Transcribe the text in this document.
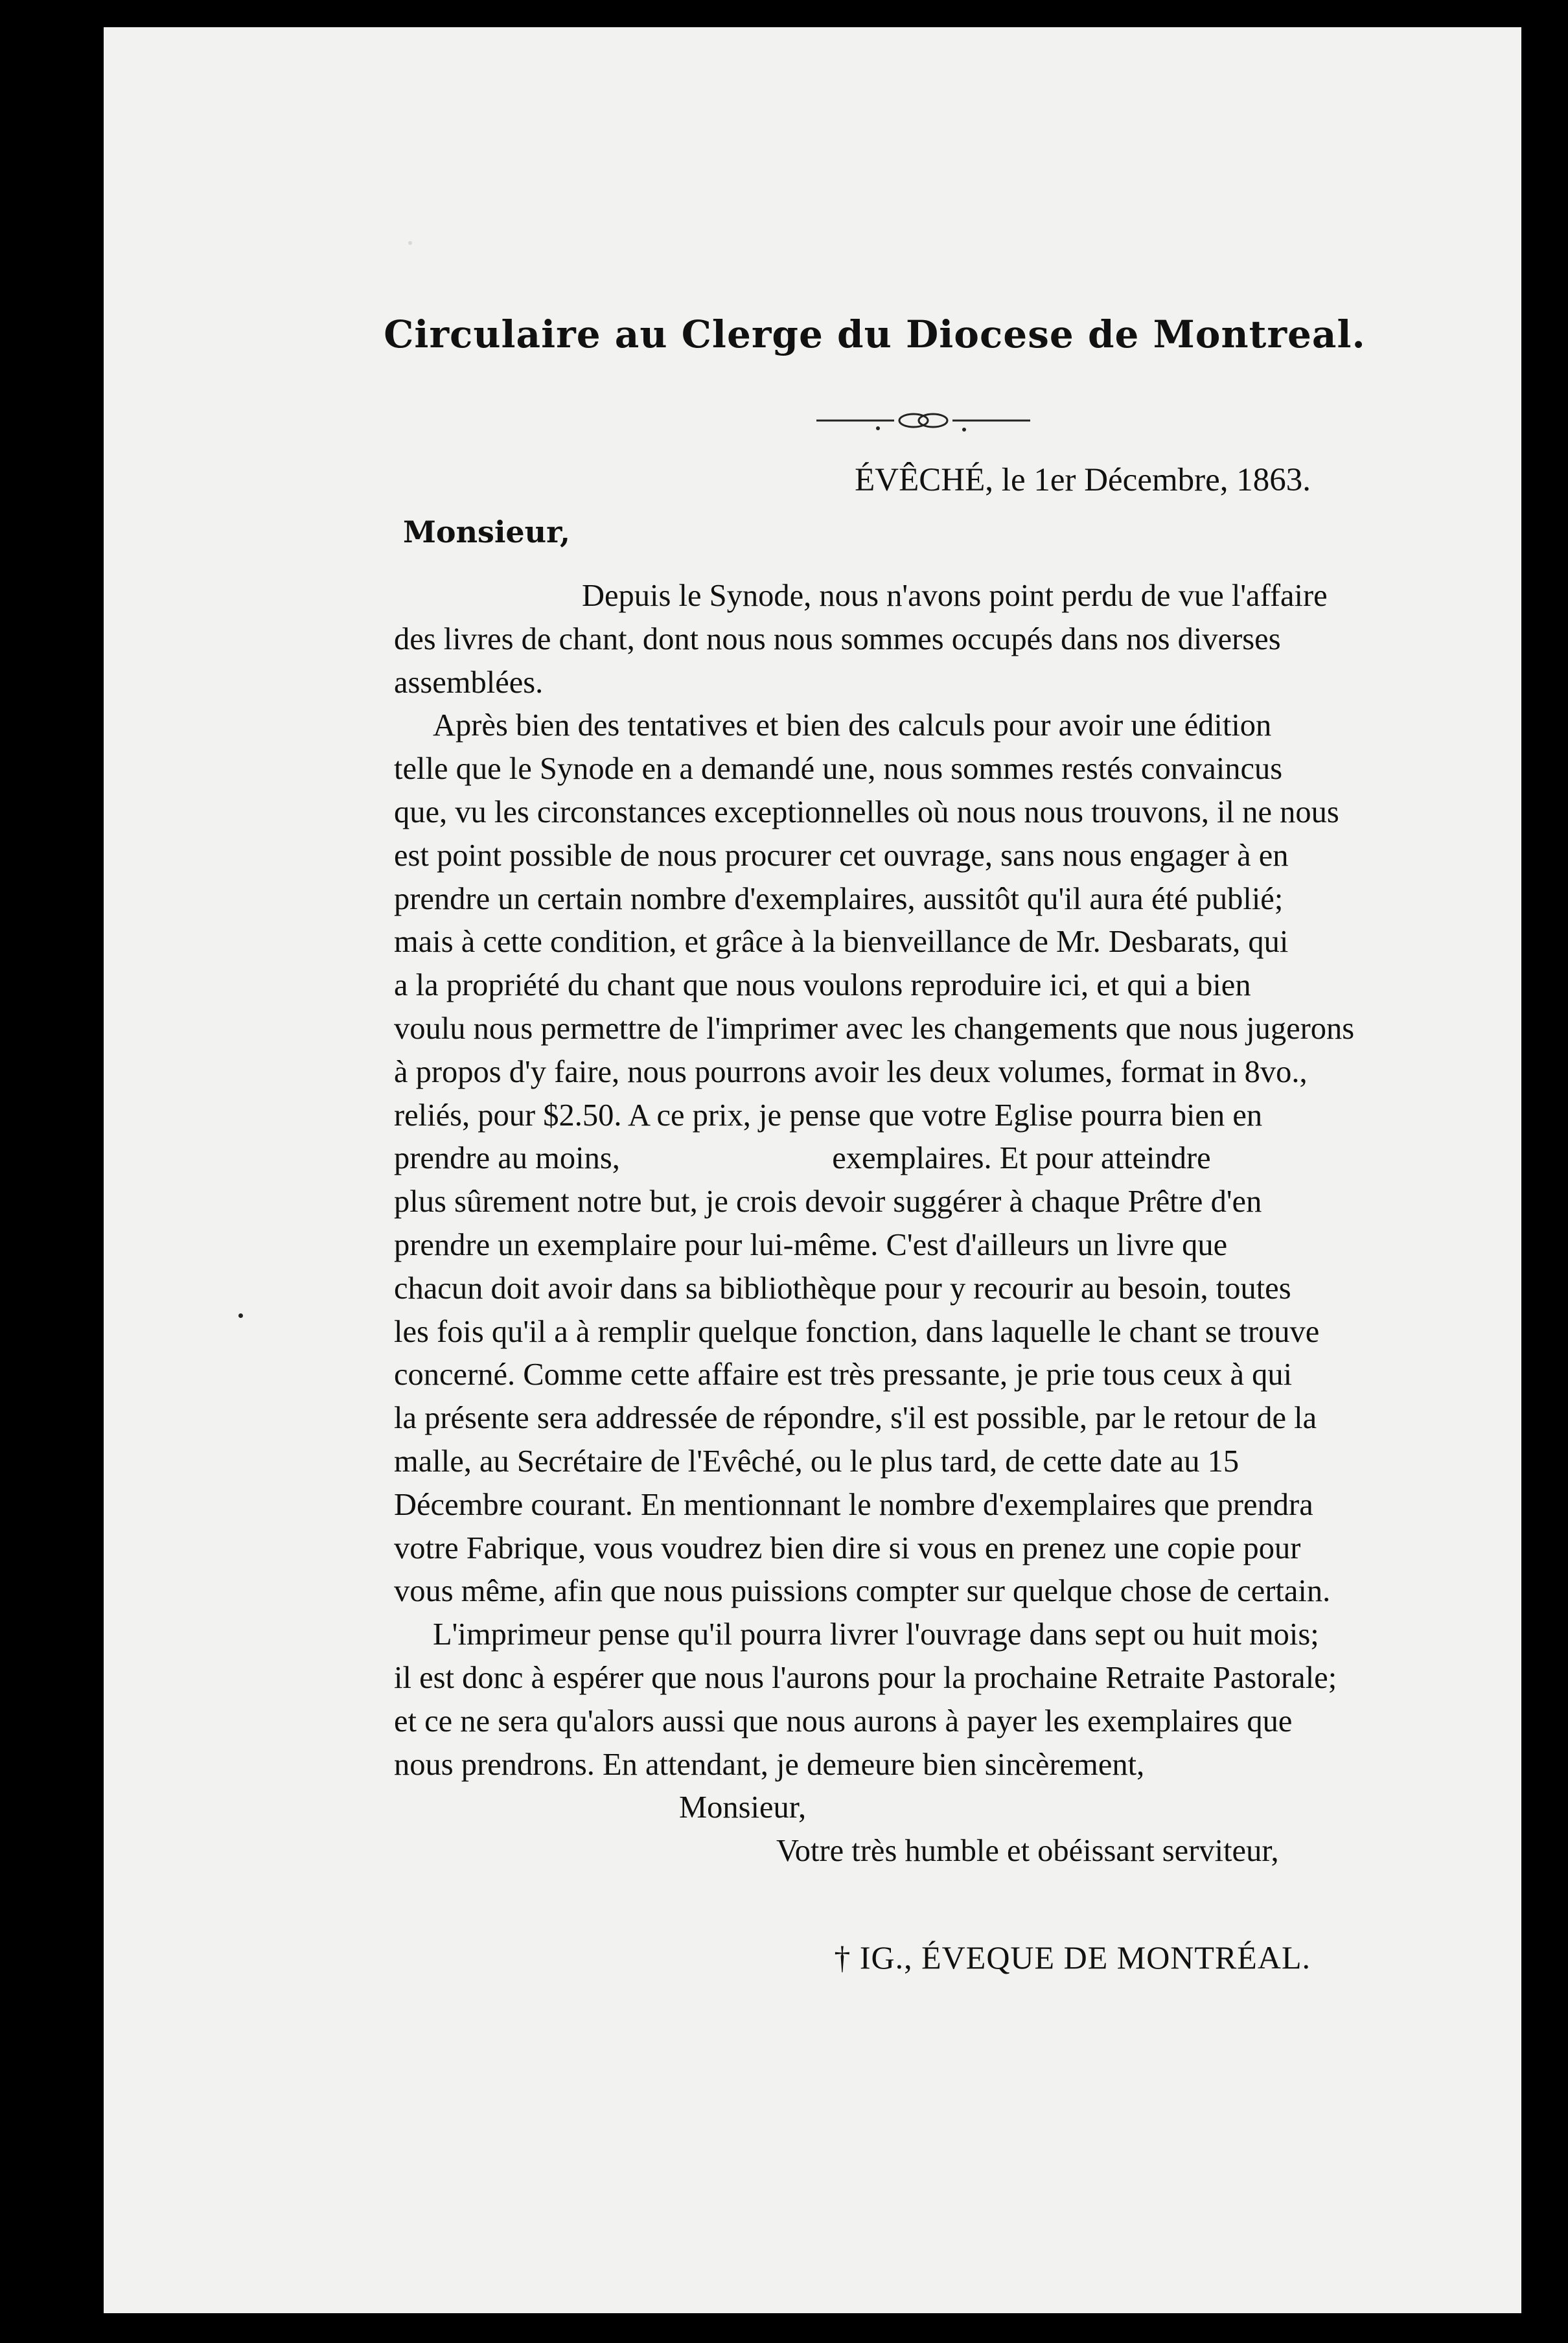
Circulaire au Clerge du Diocese de Montreal.
ÉVÊCHÉ, le 1er Décembre, 1863.
Monsieur,

Depuis le Synode, nous n'avons point perdu de vue l'affaire
des livres de chant, dont nous nous sommes occupés dans nos diverses
assemblées.

Après bien des tentatives et bien des calculs pour avoir une édition
telle que le Synode en a demandé une, nous sommes restés convaincus
que, vu les circonstances exceptionnelles où nous nous trouvons, il ne nous
est point possible de nous procurer cet ouvrage, sans nous engager à en
prendre un certain nombre d'exemplaires, aussitôt qu'il aura été publié;
mais à cette condition, et grâce à la bienveillance de Mr. Desbarats, qui
a la propriété du chant que nous voulons reproduire ici, et qui a bien
voulu nous permettre de l'imprimer avec les changements que nous jugerons
à propos d'y faire, nous pourrons avoir les deux volumes, format in 8vo.,
reliés, pour $2.50. A ce prix, je pense que votre Eglise pourra bien en
prendre au moins,                           exemplaires. Et pour atteindre
plus sûrement notre but, je crois devoir suggérer à chaque Prêtre d'en
prendre un exemplaire pour lui-même. C'est d'ailleurs un livre que
chacun doit avoir dans sa bibliothèque pour y recourir au besoin, toutes
les fois qu'il a à remplir quelque fonction, dans laquelle le chant se trouve
concerné. Comme cette affaire est très pressante, je prie tous ceux à qui
la présente sera addressée de répondre, s'il est possible, par le retour de la
malle, au Secrétaire de l'Evêché, ou le plus tard, de cette date au 15
Décembre courant. En mentionnant le nombre d'exemplaires que prendra
votre Fabrique, vous voudrez bien dire si vous en prenez une copie pour
vous même, afin que nous puissions compter sur quelque chose de certain.

L'imprimeur pense qu'il pourra livrer l'ouvrage dans sept ou huit mois;
il est donc à espérer que nous l'aurons pour la prochaine Retraite Pastorale;
et ce ne sera qu'alors aussi que nous aurons à payer les exemplaires que
nous prendrons. En attendant, je demeure bien sincèrement,

Monsieur,
Votre très humble et obéissant serviteur,
† IG., ÉVEQUE DE MONTRÉAL.
